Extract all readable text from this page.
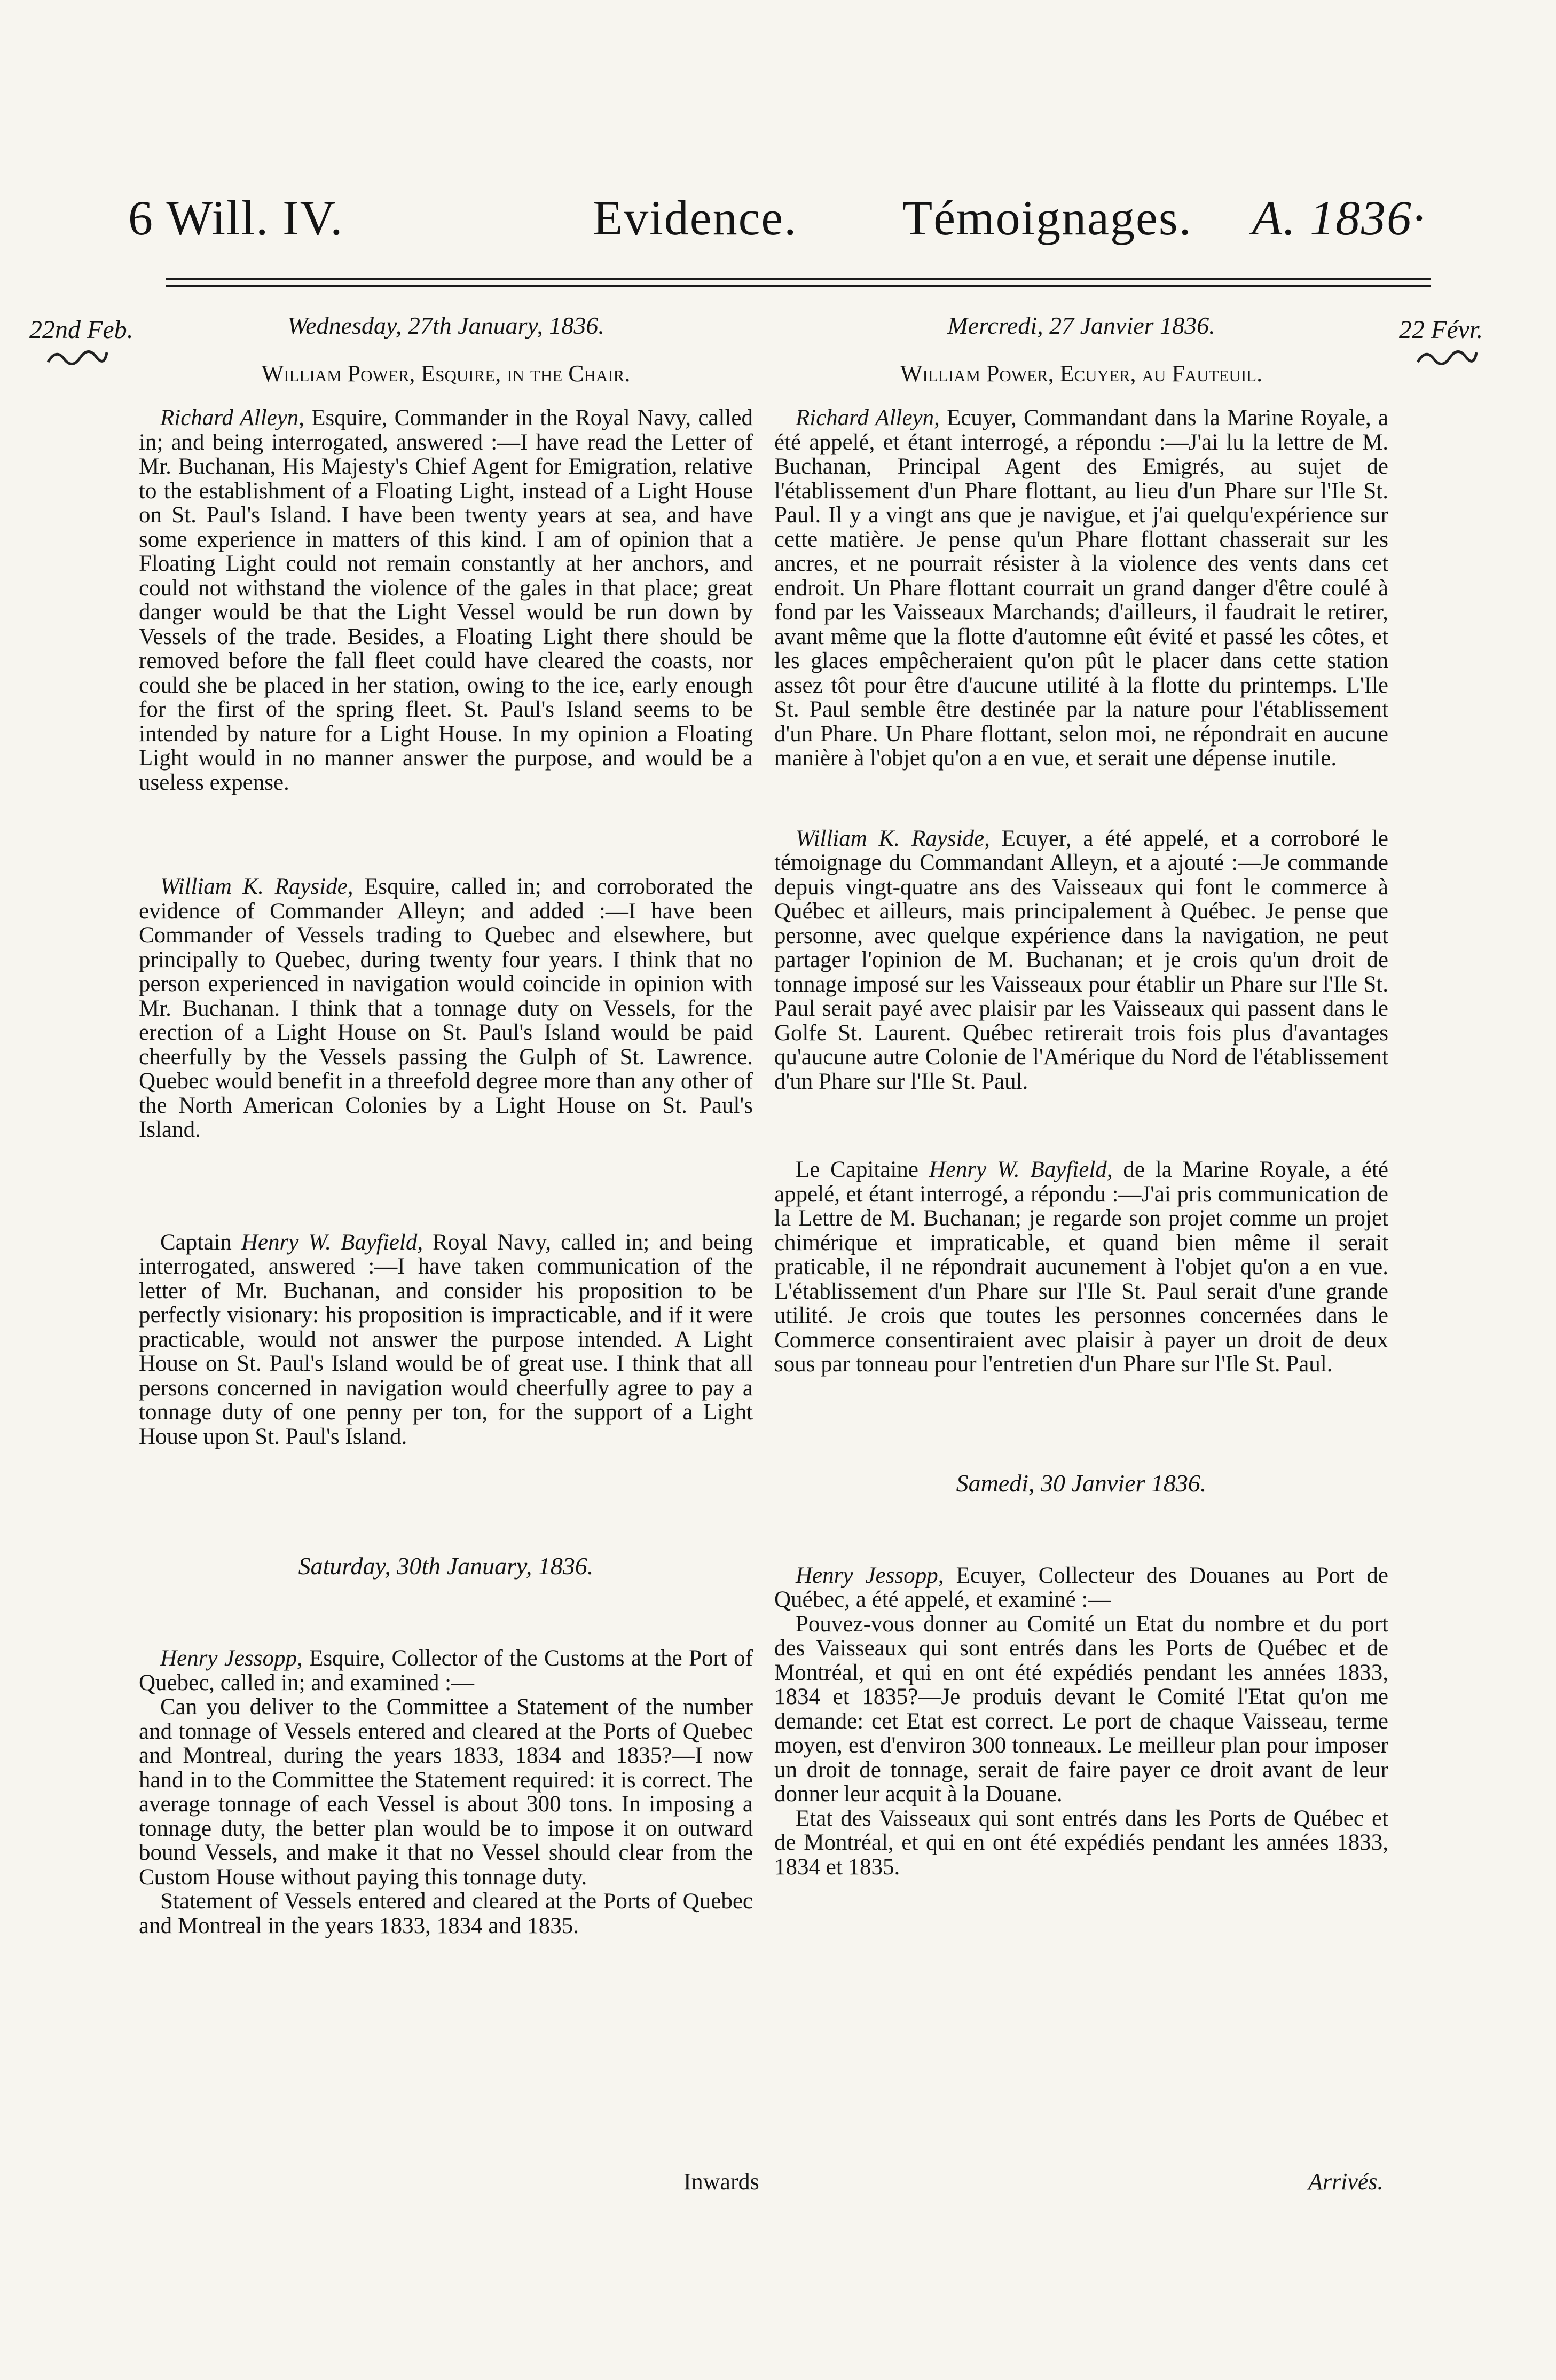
6 Will. IV.	Evidence. Témoignages. A. 1836·
22nd Feb.	22 Févr.
Wednesday, 27th January, 1836.
William Power, Esquire, in the Chair.

Richard Alleyn, Esquire, Commander in the Royal Navy, called in; and being interrogated, answered :—I have read the Letter of Mr. Buchanan, His Majesty's Chief Agent for Emigration, relative to the establishment of a Floating Light, instead of a Light House on St. Paul's Island. I have been twenty years at sea, and have some experience in matters of this kind. I am of opinion that a Floating Light could not remain constantly at her anchors, and could not withstand the violence of the gales in that place; great danger would be that the Light Vessel would be run down by Vessels of the trade. Besides, a Floating Light there should be removed before the fall fleet could have cleared the coasts, nor could she be placed in her station, owing to the ice, early enough for the first of the spring fleet. St. Paul's Island seems to be intended by nature for a Light House. In my opinion a Floating Light would in no manner answer the purpose, and would be a useless expense.

William K. Rayside, Esquire, called in; and corroborated the evidence of Commander Alleyn; and added :—I have been Commander of Vessels trading to Quebec and elsewhere, but principally to Quebec, during twenty four years. I think that no person experienced in navigation would coincide in opinion with Mr. Buchanan. I think that a tonnage duty on Vessels, for the erection of a Light House on St. Paul's Island would be paid cheerfully by the Vessels passing the Gulph of St. Lawrence. Quebec would benefit in a threefold degree more than any other of the North American Colonies by a Light House on St. Paul's Island.

Captain Henry W. Bayfield, Royal Navy, called in; and being interrogated, answered :—I have taken communication of the letter of Mr. Buchanan, and consider his proposition to be perfectly visionary: his proposition is impracticable, and if it were practicable, would not answer the purpose intended. A Light House on St. Paul's Island would be of great use. I think that all persons concerned in navigation would cheerfully agree to pay a tonnage duty of one penny per ton, for the support of a Light House upon St. Paul's Island.

Saturday, 30th January, 1836.

Henry Jessopp, Esquire, Collector of the Customs at the Port of Quebec, called in; and examined :—

Can you deliver to the Committee a Statement of the number and tonnage of Vessels entered and cleared at the Ports of Quebec and Montreal, during the years 1833, 1834 and 1835?—I now hand in to the Committee the Statement required: it is correct. The average tonnage of each Vessel is about 300 tons. In imposing a tonnage duty, the better plan would be to impose it on outward bound Vessels, and make it that no Vessel should clear from the Custom House without paying this tonnage duty.

Statement of Vessels entered and cleared at the Ports of Quebec and Montreal in the years 1833, 1834 and 1835.

Mercredi, 27 Janvier 1836.
William Power, Ecuyer, au Fauteuil.

Richard Alleyn, Ecuyer, Commandant dans la Marine Royale, a été appelé, et étant interrogé, a répondu :—J'ai lu la lettre de M. Buchanan, Principal Agent des Emigrés, au sujet de l'établissement d'un Phare flottant, au lieu d'un Phare sur l'Ile St. Paul. Il y a vingt ans que je navigue, et j'ai quelqu'expérience sur cette matière. Je pense qu'un Phare flottant chasserait sur les ancres, et ne pourrait résister à la violence des vents dans cet endroit. Un Phare flottant courrait un grand danger d'être coulé à fond par les Vaisseaux Marchands; d'ailleurs, il faudrait le retirer, avant même que la flotte d'automne eût évité et passé les côtes, et les glaces empêcheraient qu'on pût le placer dans cette station assez tôt pour être d'aucune utilité à la flotte du printemps. L'Ile St. Paul semble être destinée par la nature pour l'établissement d'un Phare. Un Phare flottant, selon moi, ne répondrait en aucune manière à l'objet qu'on a en vue, et serait une dépense inutile.

William K. Rayside, Ecuyer, a été appelé, et a corroboré le témoignage du Commandant Alleyn, et a ajouté :—Je commande depuis vingt-quatre ans des Vaisseaux qui font le commerce à Québec et ailleurs, mais principalement à Québec. Je pense que personne, avec quelque expérience dans la navigation, ne peut partager l'opinion de M. Buchanan; et je crois qu'un droit de tonnage imposé sur les Vaisseaux pour établir un Phare sur l'Ile St. Paul serait payé avec plaisir par les Vaisseaux qui passent dans le Golfe St. Laurent. Québec retirerait trois fois plus d'avantages qu'aucune autre Colonie de l'Amérique du Nord de l'établissement d'un Phare sur l'Ile St. Paul.

Le Capitaine Henry W. Bayfield, de la Marine Royale, a été appelé, et étant interrogé, a répondu :—J'ai pris communication de la Lettre de M. Buchanan; je regarde son projet comme un projet chimérique et impraticable, et quand bien même il serait praticable, il ne répondrait aucunement à l'objet qu'on a en vue. L'établissement d'un Phare sur l'Ile St. Paul serait d'une grande utilité. Je crois que toutes les personnes concernées dans le Commerce consentiraient avec plaisir à payer un droit de deux sous par tonneau pour l'entretien d'un Phare sur l'Ile St. Paul.

Samedi, 30 Janvier 1836.

Henry Jessopp, Ecuyer, Collecteur des Douanes au Port de Québec, a été appelé, et examiné :—

Pouvez-vous donner au Comité un Etat du nombre et du port des Vaisseaux qui sont entrés dans les Ports de Québec et de Montréal, et qui en ont été expédiés pendant les années 1833, 1834 et 1835?—Je produis devant le Comité l'Etat qu'on me demande: cet Etat est correct. Le port de chaque Vaisseau, terme moyen, est d'environ 300 tonneaux. Le meilleur plan pour imposer un droit de tonnage, serait de faire payer ce droit avant de leur donner leur acquit à la Douane.

Etat des Vaisseaux qui sont entrés dans les Ports de Québec et de Montréal, et qui en ont été expédiés pendant les années 1833, 1834 et 1835.

Inwards	Arrivés.
